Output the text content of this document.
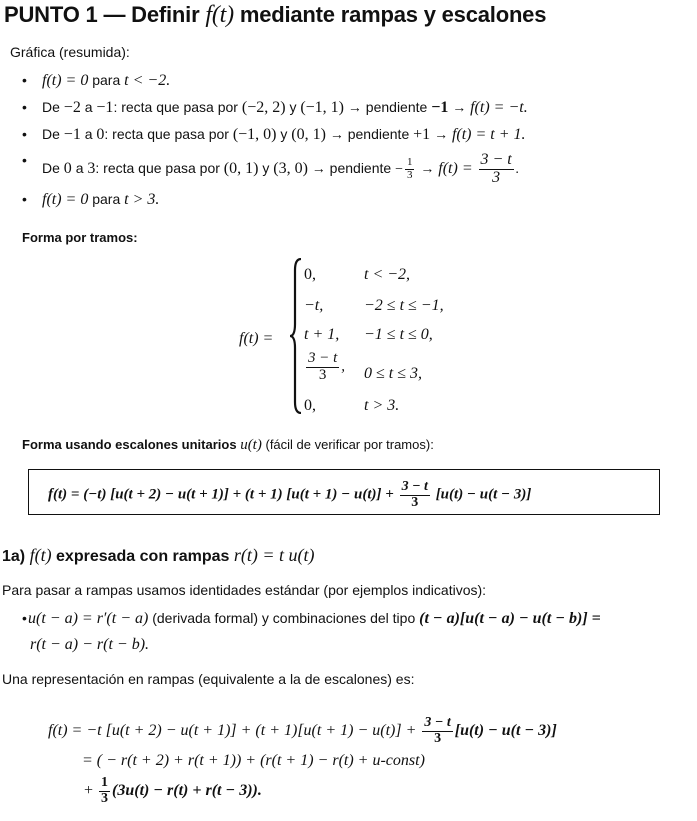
PUNTO 1 — Definir f(t) mediante rampas y escalones
Gráfica (resumida):
f(t) = 0 para t < −2.
De −2 a −1: recta que pasa por (−2, 2) y (−1, 1) → pendiente −1 → f(t) = −t.
De −1 a 0: recta que pasa por (−1, 0) y (0, 1) → pendiente +1 → f(t) = t + 1.
De 0 a 3: recta que pasa por (0, 1) y (3, 0) → pendiente − $\frac{1}{3} \to f(t) = \frac{3 - t}{3}$ .
f(t) = 0 para t > 3.
Forma por tramos:
f(t) =
0,	t < −2,
−t,	−2 ≤ t ≤ −1,
t + 1, −1 ≤ t ≤ 0,
$\frac{3 - t}{3}$ , 0 ≤ t ≤ 3,
0,	t > 3.
Forma usando escalones unitarios u(t) (fácil de verificar por tramos):
f(t) = (−t) [u(t + 2) − u(t + 1)] + (t + 1) $[u(t + 1) - u(t)] + \frac{3 - t}{3} [u(t) - u(t - 3)]$
1a) f(t) expresada con rampas r(t) = t u(t)
Para pasar a rampas usamos identidades estándar (por ejemplos indicativos):
u(t − a) = r′(t − a) (derivada formal) y combinaciones del tipo (t − a)[u(t − a) − u(t − b)] =
r(t − a) − r(t − b).
Una representación en rampas (equivalente a la de escalones) es:
f(t) = −t $[u(t + 2) - u(t + 1)] + (t + 1)[u(t + 1) - u(t)] + \frac{3 - t}{3} [u(t) - u(t - 3)]$
= ( − r(t + 2) + r(t + 1)) + (r(t + 1) − r(t) + u-const)
+ $\frac{1}{3} (3u(t) - r(t) + r(t - 3))$.
